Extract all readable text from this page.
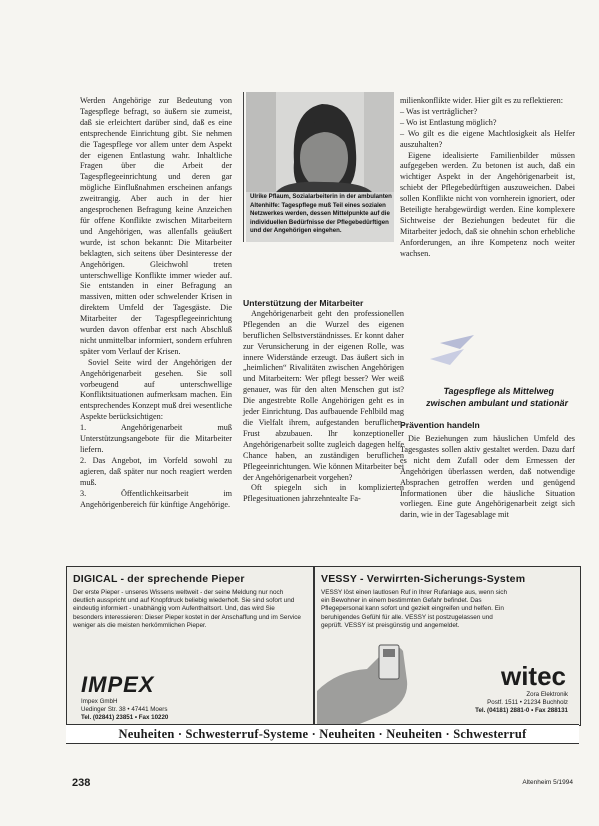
Werden Angehörige zur Bedeutung von Tagespflege befragt, so äußern sie zumeist, daß sie erleichtert darüber sind, daß es eine entsprechende Einrichtung gibt. Sie nehmen die Tagespflege vor allem unter dem Aspekt der eigenen Entlastung wahr. Inhaltliche Fragen über die Arbeit der Tagespflegeeinrichtung und deren gar mögliche Einflußnahmen erscheinen anfangs zweitrangig. Aber auch in der hier angesprochenen Befragung keine Anzeichen für offene Konflikte zwischen Mitarbeitern und Angehörigen, was allenfalls geäußert wurde, ist schon bekannt: Die Mitarbeiter beklagten, sich seitens über Desinteresse der Angehörigen. Gleichwohl treten unterschwellige Konflikte immer wieder auf. Sie entstanden in einer Befragung an massiven, mitten oder schwelender Krisen in direktem Umfeld der Tagesgäste. Die Mitarbeiter der Tagespflegeeinrichtung wurden davon offenbar erst nach Abschluß nicht unmittelbar informiert, sondern erfuhren später vom Verlauf der Krisen.

Soviel Seite wird der Angehörigen der Angehörigenarbeit gesehen. Sie soll vorbeugend auf unterschwellige Konfliktsituationen aufmerksam machen. Ein entsprechendes Konzept muß drei wesentliche Aspekte berücksichtigen:

1. Angehörigenarbeit muß Unterstützungsangebote für die Mitarbeiter liefern.

2. Das Angebot, im Vorfeld sowohl zu agieren, daß später nur noch reagiert werden muß.

3. Öffentlichkeitsarbeit im Angehörigenbereich für künftige Angehörige.

Ulrike Pflaum, Sozialarbeiterin in der ambulanten Altenhilfe: Tagespflege muß Teil eines sozialen Netzwerkes werden, dessen Mittelpunkte auf die individuellen Bedürfnisse der Pflegebedürftigen und der Angehörigen eingehen.

Unterstützung der Mitarbeiter

Angehörigenarbeit geht den professionellen Pflegenden an die Wurzel des eigenen beruflichen Selbstverständnisses. Er konnt daher zur Verunsicherung in der eigenen Rolle, was innere Widerstände erzeugt. Das äußert sich in „heimlichen“ Rivalitäten zwischen Angehörigen und Mitarbeitern: Wer pflegt besser? Wer weiß genauer, was für den alten Menschen gut ist? Die angestrebte Rolle Angehörigen geht es in jeder Einrichtung. Das aufbauende Fehlbild mag die Vielfalt ihrem, aufgestanden beruflichen, Frust abzubauen. Ihr konzeptioneller Angehörigenarbeit sollte zugleich dagegen helfe Chance haben, an zuständigen beruflichen Pflegeeinrichtungen. Wie können Mitarbeiter bei der Angehörigenarbeit vorgehen?

Oft spiegeln sich in komplizierten Pflegesituationen jahrzehntealte Fa-

milienkonflikte wider. Hier gilt es zu reflektieren:

– Was ist verträglicher?

– Wo ist Entlastung möglich?

– Wo gilt es die eigene Machtlosigkeit als Helfer auszuhalten?

Eigene idealisierte Familienbilder müssen aufgegeben werden. Zu betonen ist auch, daß ein wichtiger Aspekt in der Angehörigenarbeit ist, schiebt der Pflegebedürftigen auszuweichen. Dabei sollen Konflikte nicht von vornherein ignoriert, oder Beteiligte herabgewürdigt werden. Eine komplexere Sichtweise der Beziehungen bedeutet für die Mitarbeiter jedoch, daß sie ohnehin schon erhebliche Anforderungen, an ihre Kompetenz noch weiter wachsen.

Tagespflege als Mittelweg
zwischen ambulant und stationär
Prävention handeln

Die Beziehungen zum häuslichen Umfeld des Tagesgastes sollen aktiv gestaltet werden. Dazu darf es nicht dem Zufall oder dem Ermessen der Angehörigen überlassen werden, daß notwendige Absprachen getroffen werden und genügend Informationen über die häusliche Situation vorliegen. Eine gute Angehörigenarbeit zeigt sich darin, wie in der Tagesablage mit

DIGICAL - der sprechende Pieper
Der erste Pieper - unseres Wissens weltweit - der seine Meldung nur noch deutlich ausspricht und auf Knopfdruck beliebig wiederholt. Sie sind sofort und eindeutig informiert - unabhängig vom Aufenthaltsort. Und, das wird Sie besonders interessieren: Dieser Pieper kostet in der Anschaffung und im Service weniger als die meisten herkömmlichen Pieper.
IMPEX
Impex GmbH
Uedinger Str. 38 • 47441 Moers
Tel. (02841) 23851 • Fax 10220
VESSY - Verwirrten-Sicherungs-System
VESSY löst einen lautlosen Ruf in Ihrer Rufanlage aus, wenn sich ein Bewohner in einem bestimmten Gefahr befindet. Das Pflegepersonal kann sofort und gezielt eingreifen und helfen. Ein beruhigendes Gefühl für alle. VESSY ist postzugelassen und geprüft. VESSY ist preisgünstig und angemeldet.
witec
Zora Elektronik
Postf. 1511 • 21234 Buchholz
Tel. (04181) 2881-0 • Fax 288131
Neuheiten · Schwesterruf-Systeme · Neuheiten · Neuheiten · Schwesterruf
238	Altenheim 5/1994
